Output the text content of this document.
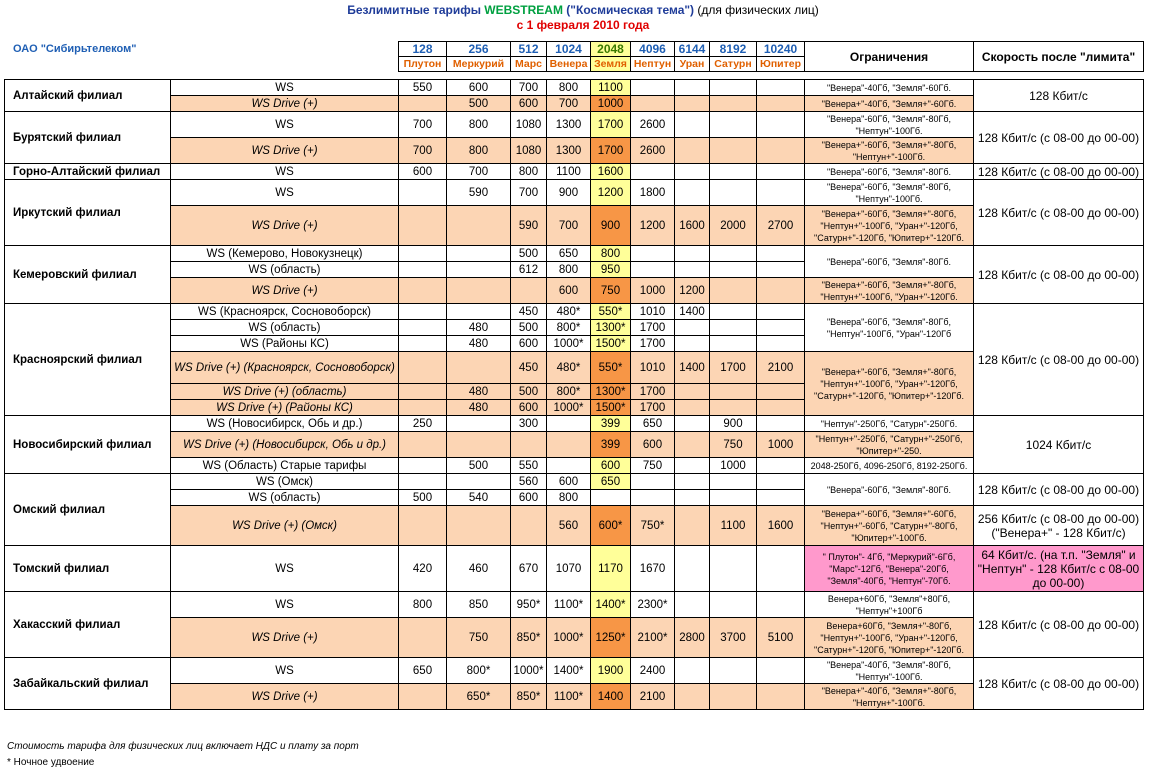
Безлимитные тарифы WEBSTREAM ("Космическая тема") (для физических лиц)
с 1 февраля 2010 года
ОАО "Сибирьтелеком"	128	256	512	1024	2048	4096	6144	8192	10240	Ограничения	Скорость после "лимита"
Плутон	Меркурий	Марс	Венера	Земля	Нептун	Уран	Сатурн	Юпитер		
Алтайский филиал	WS	550	600	700	800	1100					"Венера"-40Гб, "Земля"-60Гб.	128 Кбит/с
	WS Drive (+)		500	600	700	1000					"Венера+"-40Гб, "Земля+"-60Гб.	
Бурятский филиал	WS	700	800	1080	1300	1700	2600				"Венера"-60Гб, "Земля"-80Гб, "Нептун"-100Гб.	128 Кбит/с (с 08-00 до 00-00)
	WS Drive (+)	700	800	1080	1300	1700	2600				"Венера+"-60Гб, "Земля+"-80Гб, "Нептун+"-100Гб.	
Горно-Алтайский филиал	WS	600	700	800	1100	1600					"Венера"-60Гб, "Земля"-80Гб.	128 Кбит/с (с 08-00 до 00-00)
Иркутский филиал	WS		590	700	900	1200	1800				"Венера"-60Гб, "Земля"-80Гб, "Нептун"-100Гб.	128 Кбит/с (с 08-00 до 00-00)
	WS Drive (+)			590	700	900	1200	1600	2000	2700	"Венера+"-60Гб, "Земля+"-80Гб, "Нептун+"-100Гб, "Уран+"-120Гб, "Сатурн+"-120Гб, "Юпитер+"-120Гб.	
Кемеровский филиал	WS (Кемерово, Новокузнецк)			500	650	800					"Венера"-60Гб, "Земля"-80Гб.	128 Кбит/с (с 08-00 до 00-00)
	WS (область)			612	800	950						
	WS Drive (+)				600	750	1000	1200			"Венера+"-60Гб, "Земля+"-80Гб, "Нептун+"-100Гб, "Уран+"-120Гб.	
Красноярский филиал	WS (Красноярск, Сосновоборск)			450	480*	550*	1010	1400			"Венера"-60Гб, "Земля"-80Гб, "Нептун"-100Гб, "Уран"-120Гб	128 Кбит/с (с 08-00 до 00-00)
	WS (область)		480	500	800*	1300*	1700					
	WS (Районы КС)		480	600	1000*	1500*	1700					
	WS Drive (+) (Красноярск, Сосновоборск)			450	480*	550*	1010	1400	1700	2100	"Венера+"-60Гб, "Земля+"-80Гб, "Нептун+"-100Гб, "Уран+"-120Гб, "Сатурн+"-120Гб, "Юпитер+"-120Гб.	
	WS Drive (+) (область)		480	500	800*	1300*	1700					
	WS Drive (+) (Районы КС)		480	600	1000*	1500*	1700					
Новосибирский филиал	WS (Новосибирск, Обь и др.)	250		300		399	650		900		"Нептун"-250Гб, "Сатурн"-250Гб.	1024 Кбит/с
	WS Drive (+) (Новосибирск, Обь и др.)					399	600		750	1000	"Нептун+"-250Гб, "Сатурн+"-250Гб, "Юпитер+"-250.	
	WS (Область) Старые тарифы		500	550		600	750		1000		2048-250Гб, 4096-250Гб, 8192-250Гб.	
Омский филиал	WS (Омск)			560	600	650					"Венера"-60Гб, "Земля"-80Гб.	128 Кбит/с (с 08-00 до 00-00)
	WS (область)	500	540	600	800							
	WS Drive (+) (Омск)				560	600*	750*		1100	1600	"Венера+"-60Гб, "Земля+"-60Гб, "Нептун+"-60Гб, "Сатурн+"-80Гб, "Юпитер+"-100Гб.	256 Кбит/с (с 08-00 до 00-00) ("Венера+" - 128 Кбит/с)
Томский филиал	WS	420	460	670	1070	1170	1670				" Плутон"- 4Гб, "Меркурий"-6Гб, "Марс"-12Гб, "Венера"-20Гб, "Земля"-40Гб, "Нептун"-70Гб.	64 Кбит/с. (на т.п. "Земля" и "Нептун" - 128 Кбит/с с 08-00 до 00-00)
Хакасский филиал	WS	800	850	950*	1100*	1400*	2300*				Венера+60Гб, "Земля"+80Гб, "Нептун"+100Гб	128 Кбит/с (с 08-00 до 00-00)
	WS Drive (+)		750	850*	1000*	1250*	2100*	2800	3700	5100	Венера+60Гб, "Земля+"-80Гб, "Нептун+"-100Гб, "Уран+"-120Гб, "Сатурн+"-120Гб, "Юпитер+"-120Гб.	
Забайкальский филиал	WS	650	800*	1000*	1400*	1900	2400				"Венера"-40Гб, "Земля"-80Гб, "Нептун"-100Гб.	128 Кбит/с (с 08-00 до 00-00)
	WS Drive (+)		650*	850*	1100*	1400	2100				"Венера+"-40Гб, "Земля+"-80Гб, "Нептун+"-100Гб.	
Стоимость тарифа для физических лиц включает НДС и плату за порт
* Ночное удвоение
